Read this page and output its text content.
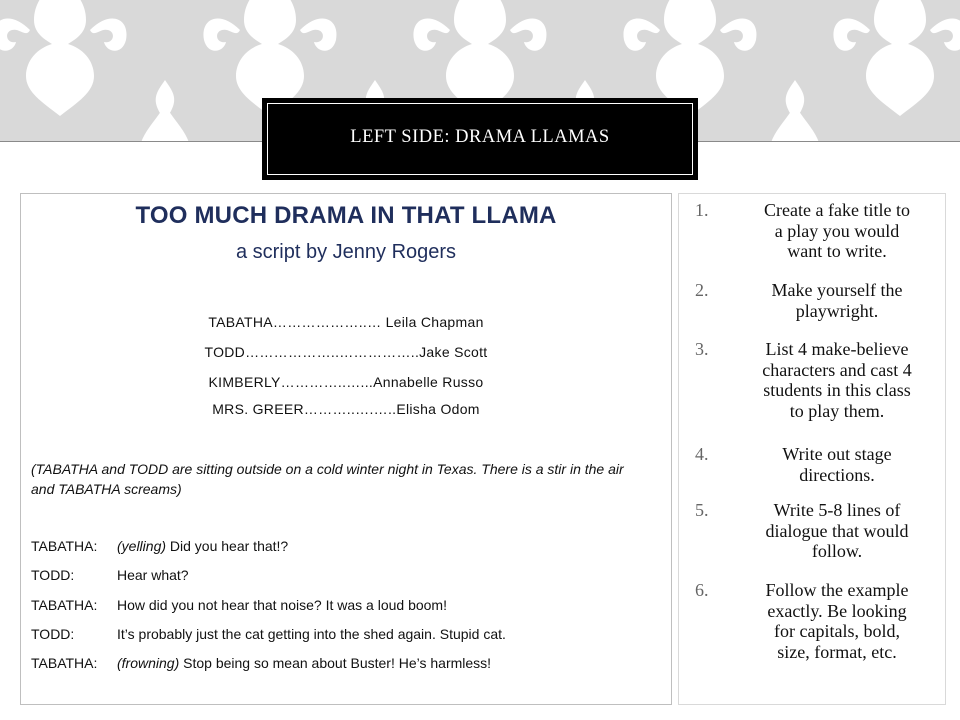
LEFT SIDE: DRAMA LLAMAS
TOO MUCH DRAMA IN THAT LLAMA
a script by Jenny Rogers
TABATHA………………..… Leila Chapman
TODD………………..……………..Jake Scott
KIMBERLY…………..…...Annabelle Russo
MRS. GREER………..….…..Elisha Odom
(TABATHA and TODD are sitting outside on a cold winter night in Texas. There is a stir in the air and TABATHA screams)
TABATHA: (yelling) Did you hear that!?
TODD:	Hear what?
TABATHA: How did you not hear that noise? It was a loud boom!
TODD:	It’s probably just the cat getting into the shed again. Stupid cat.
TABATHA: (frowning) Stop being so mean about Buster! He’s harmless!
1.	Create a fake title to
a play you would
want to write.
2.	Make yourself the
playwright.
3.	List 4 make-believe
characters and cast 4
students in this class
to play them.
4.	Write out stage
directions.
5.	Write 5-8 lines of
dialogue that would
follow.
6.	Follow the example
exactly. Be looking
for capitals, bold,
size, format, etc.
